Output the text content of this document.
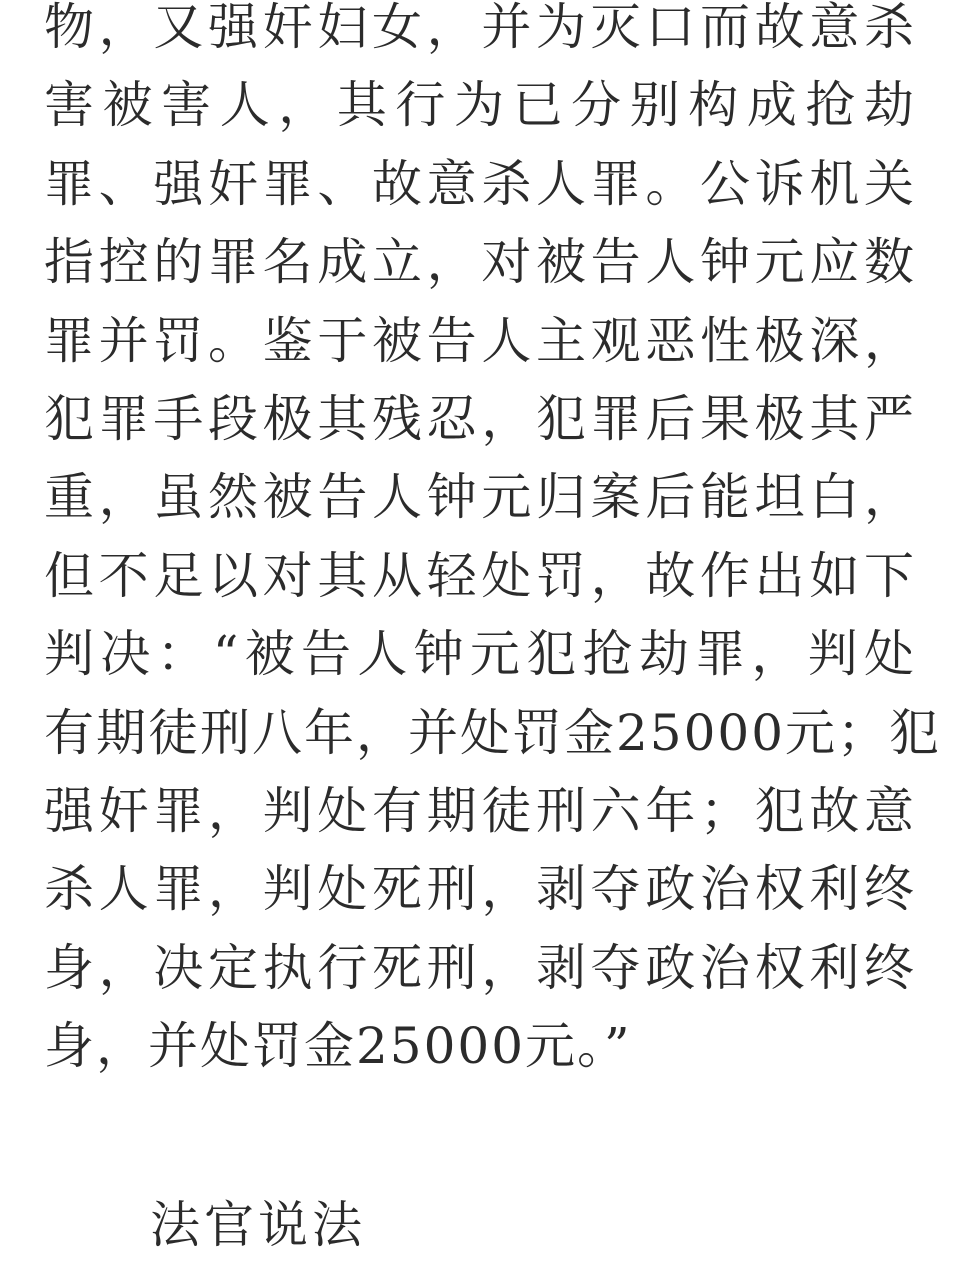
物，又强奸妇女，并为灭口而故意杀
害被害人，其行为已分别构成抢劫
罪、强奸罪、故意杀人罪。公诉机关
指控的罪名成立，对被告人钟元应数
罪并罚。鉴于被告人主观恶性极深，
犯罪手段极其残忍，犯罪后果极其严
重，虽然被告人钟元归案后能坦白，
但不足以对其从轻处罚，故作出如下
判决：“被告人钟元犯抢劫罪，判处
有期徒刑八年，并处罚金25000元；犯
强奸罪，判处有期徒刑六年；犯故意
杀人罪，判处死刑，剥夺政治权利终
身，决定执行死刑，剥夺政治权利终
身，并处罚金25000元。”
法官说法
